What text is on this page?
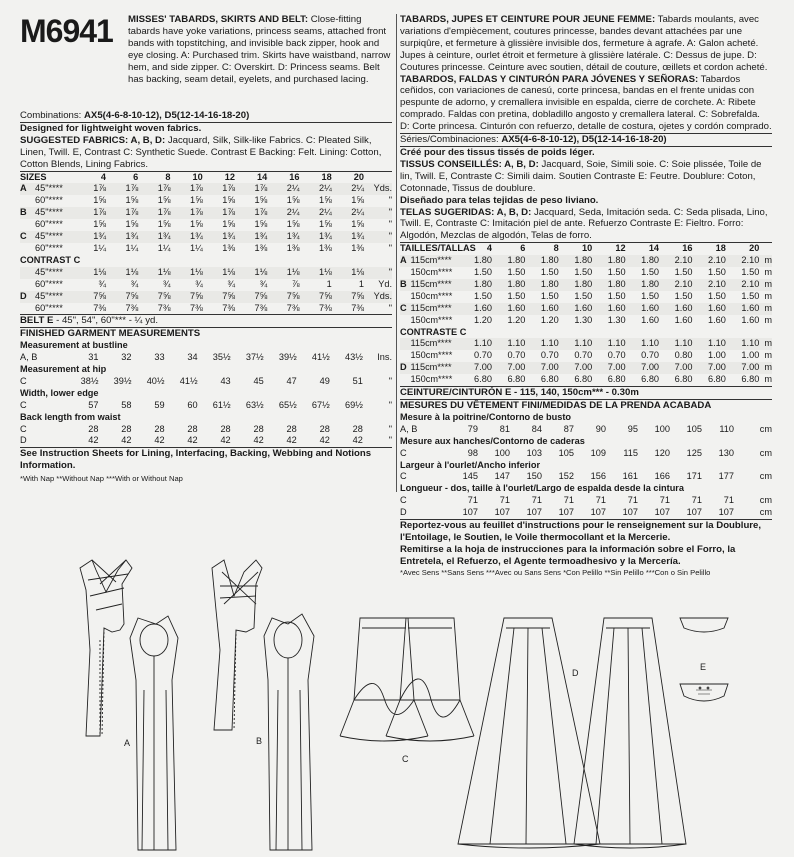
M6941 MISSES' TABARDS, SKIRTS AND BELT: Close-fitting tabards have yoke variations, princess seams, attached front bands with topstitching, and invisible back zipper, hook and eye closing. A: Purchased trim. Skirts have waistband, narrow hem, and side zipper. C: Overskirt. D: Princess seams. Belt has backing, seam detail, eyelets, and purchased lacing.
Combinations: AX5(4-6-8-10-12), D5(12-14-16-18-20)
Designed for lightweight woven fabrics.
SUGGESTED FABRICS: A, B, D: Jacquard, Silk, Silk-like Fabrics. C: Pleated Silk, Linen, Twill. E, Contrast C: Synthetic Suede. Contrast E Backing: Felt. Lining: Cotton, Cotton Blends, Lining Fabrics.
SIZES		4	6	8	10	12	14	16	18	20	
A	45"****	1⅞	1⅞	1⅞	1⅞	1⅞	1⅞	2¼	2¼	2¼	Yds.
	60"****	1⅝	1⅝	1⅝	1⅝	1⅝	1⅝	1⅝	1⅝	1⅝	"
B	45"****	1⅞	1⅞	1⅞	1⅞	1⅞	1⅞	2¼	2¼	2¼	"
	60"****	1⅝	1⅝	1⅝	1⅝	1⅝	1⅝	1⅝	1⅝	1⅝	"
C	45"****	1¾	1¾	1¾	1¾	1¾	1¾	1¾	1¾	1¾	"
	60"****	1¼	1¼	1¼	1¼	1⅜	1⅜	1⅜	1⅜	1⅜	"
CONTRAST C											
	45"****	1⅛	1⅛	1⅛	1⅛	1⅛	1⅛	1⅛	1⅛	1⅛	"
	60"****	¾	¾	¾	¾	¾	¾	⅞	1	1	Yd.
D	45"****	7⅝	7⅝	7⅝	7⅝	7⅝	7⅝	7⅝	7⅝	7⅝	Yds.
	60"****	7⅜	7⅜	7⅜	7⅜	7⅜	7⅜	7⅜	7⅜	7⅜	"
BELT E - 45", 54", 60"*** - ¼ yd.
FINISHED GARMENT MEASUREMENTS
Measurement at bustline										
A, B	31	32	33	34	35½	37½	39½	41½	43½	Ins.
Measurement at hip										
C	38½	39½	40½	41½	43	45	47	49	51	"
Width, lower edge										
C	57	58	59	60	61½	63½	65½	67½	69½	"
Back length from waist										
C	28	28	28	28	28	28	28	28	28	"
D	42	42	42	42	42	42	42	42	42	"
See Instruction Sheets for Lining, Interfacing, Backing, Webbing and Notions Information.
*With Nap **Without Nap ***With or Without Nap
TABARDS, JUPES ET CEINTURE POUR JEUNE FEMME: Tabards moulants, avec variations d'empiècement, coutures princesse, bandes devant attachées par une surpiqûre, et fermeture à glissière invisible dos, fermeture à agrafe. A: Galon acheté. Jupes à ceinture, ourlet étroit et fermeture à glissière latérale. C: Dessus de jupe. D: Coutures princesse. Ceinture avec soutien, détail de couture, œillets et cordon acheté.
TABARDOS, FALDAS Y CINTURÓN PARA JÓVENES Y SEÑORAS: Tabardos ceñidos, con variaciones de canesú, corte princesa, bandas en el frente unidas con pespunte de adorno, y cremallera invisible en espalda, cierre de corchete. A: Ribete comprado. Faldas con pretina, dobladillo angosto y cremallera lateral. C: Sobrefalda. D: Corte princesa. Cinturón con refuerzo, detalle de costura, ojetes y cordón comprado.
Séries/Combinaciones: AX5(4-6-8-10-12), D5(12-14-16-18-20)
Créé pour des tissus tissés de poids léger.
TISSUS CONSEILLÉS: A, B, D: Jacquard, Soie, Simili soie. C: Soie plissée, Toile de lin, Twill. E, Contraste C: Simili daim. Soutien Contraste E: Feutre. Doublure: Coton, Cotonnade, Tissus de doublure.
Diseñado para telas tejidas de peso liviano.
TELAS SUGERIDAS: A, B, D: Jacquard, Seda, Imitación seda. C: Seda plisada, Lino, Twill. E, Contraste C: Imitación piel de ante. Refuerzo Contraste E: Fieltro. Forro: Algodón, Mezclas de algodón, Telas de forro.
TAILLES/TALLAS		4	6	8	10	12	14	16	18	20	
A	115cm****	1.80	1.80	1.80	1.80	1.80	1.80	2.10	2.10	2.10	m
	150cm****	1.50	1.50	1.50	1.50	1.50	1.50	1.50	1.50	1.50	m
B	115cm****	1.80	1.80	1.80	1.80	1.80	1.80	2.10	2.10	2.10	m
	150cm****	1.50	1.50	1.50	1.50	1.50	1.50	1.50	1.50	1.50	m
C	115cm****	1.60	1.60	1.60	1.60	1.60	1.60	1.60	1.60	1.60	m
	150cm****	1.20	1.20	1.20	1.30	1.30	1.60	1.60	1.60	1.60	m
CONTRASTE C											
	115cm****	1.10	1.10	1.10	1.10	1.10	1.10	1.10	1.10	1.10	m
	150cm****	0.70	0.70	0.70	0.70	0.70	0.70	0.80	1.00	1.00	m
D	115cm****	7.00	7.00	7.00	7.00	7.00	7.00	7.00	7.00	7.00	m
	150cm****	6.80	6.80	6.80	6.80	6.80	6.80	6.80	6.80	6.80	m
CEINTURE/CINTURÓN E - 115, 140, 150cm*** - 0.30m
MESURES DU VÊTEMENT FINI/MEDIDAS DE LA PRENDA ACABADA
Mesure à la poitrine/Contorno de busto										
A, B	79	81	84	87	90	95	100	105	110	cm
Mesure aux hanches/Contorno de caderas										
C	98	100	103	105	109	115	120	125	130	cm
Largeur à l'ourlet/Ancho inferior										
C	145	147	150	152	156	161	166	171	177	cm
Longueur - dos, taille à l'ourlet/Largo de espalda desde la cintura										
C	71	71	71	71	71	71	71	71	71	cm
D	107	107	107	107	107	107	107	107	107	cm
Reportez-vous au feuillet d'instructions pour le renseignement sur la Doublure, l'Entoilage, le Soutien, le Voile thermocollant et la Mercerie.
Remitirse a la hoja de instrucciones para la información sobre el Forro, la Entretela, el Refuerzo, el Agente termoadhesivo y la Mercería.
*Avec Sens **Sans Sens ***Avec ou Sans Sens *Con Pelillo **Sin Pelillo ***Con o Sin Pelillo
A	B
C
D
E
